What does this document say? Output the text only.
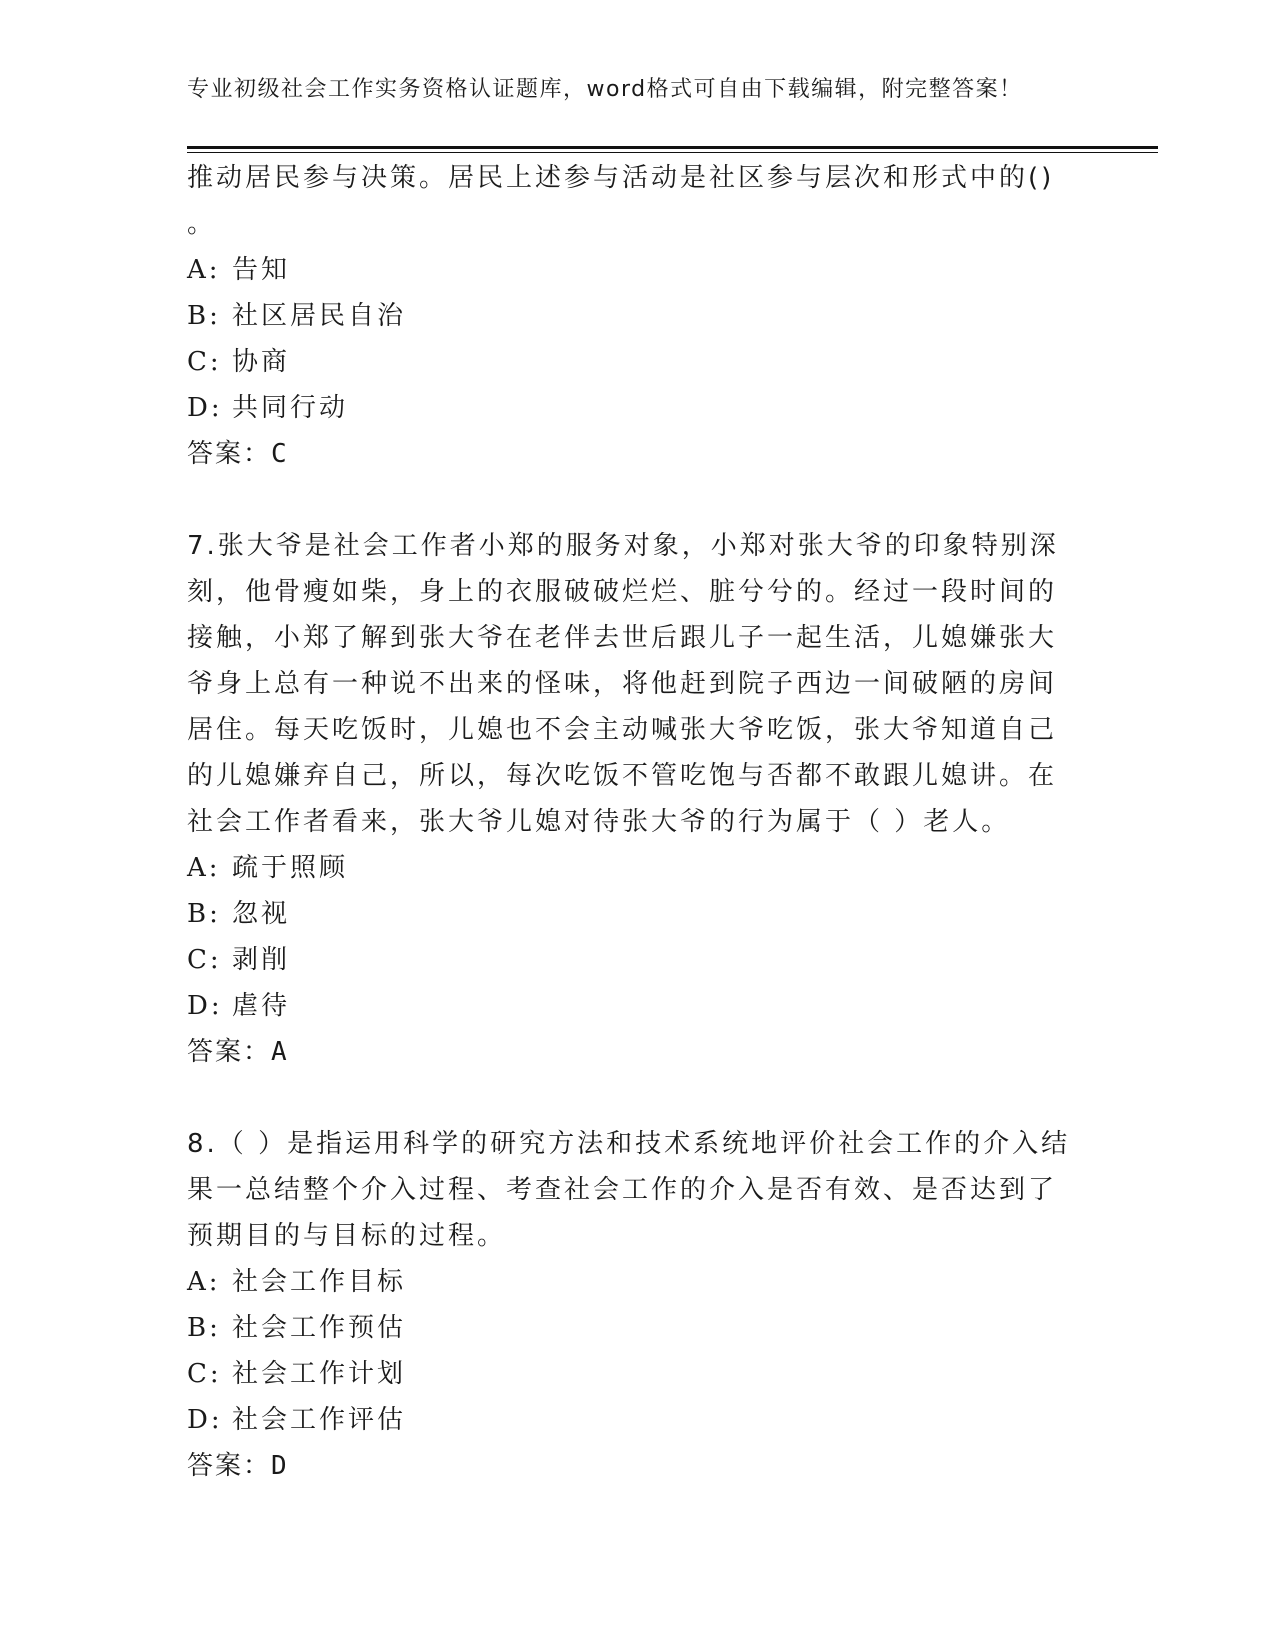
专业初级社会工作实务资格认证题库，word格式可自由下载编辑，附完整答案！

推动居民参与决策。居民上述参与活动是社区参与层次和形式中的()

。

A: 告知

B: 社区居民自治

C: 协商

D: 共同行动

答案：C

7.张大爷是社会工作者小郑的服务对象，小郑对张大爷的印象特别深

刻，他骨瘦如柴，身上的衣服破破烂烂、脏兮兮的。经过一段时间的

接触，小郑了解到张大爷在老伴去世后跟儿子一起生活，儿媳嫌张大

爷身上总有一种说不出来的怪味，将他赶到院子西边一间破陋的房间

居住。每天吃饭时，儿媳也不会主动喊张大爷吃饭，张大爷知道自己

的儿媳嫌弃自己，所以，每次吃饭不管吃饱与否都不敢跟儿媳讲。在

社会工作者看来，张大爷儿媳对待张大爷的行为属于（ ）老人。

A: 疏于照顾

B: 忽视

C: 剥削

D: 虐待

答案：A

8.（ ）是指运用科学的研究方法和技术系统地评价社会工作的介入结

果一总结整个介入过程、考查社会工作的介入是否有效、是否达到了

预期目的与目标的过程。

A: 社会工作目标

B: 社会工作预估

C: 社会工作计划

D: 社会工作评估

答案：D
